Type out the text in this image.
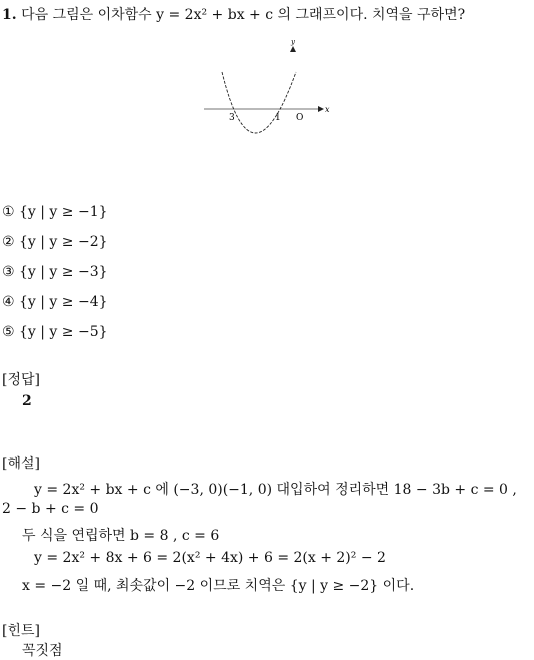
1. 다음 그림은 이차함수 y = 2x² + bx + c 의 그래프이다. 치역을 구하면?
x
y
3	1 O
① {y | y ≥ −1}
② {y | y ≥ −2}
③ {y | y ≥ −3}
④ {y | y ≥ −4}
⑤ {y | y ≥ −5}
[정답]
2
[해설]
y = 2x² + bx + c 에 (−3, 0)(−1, 0) 대입하여 정리하면 18 − 3b + c = 0 ,
2 − b + c = 0
두 식을 연립하면 b = 8 , c = 6
y = 2x² + 8x + 6 = 2(x² + 4x) + 6 = 2(x + 2)² − 2
x = −2 일 때, 최솟값이 −2 이므로 치역은 {y | y ≥ −2} 이다.
[힌트]
꼭짓점
